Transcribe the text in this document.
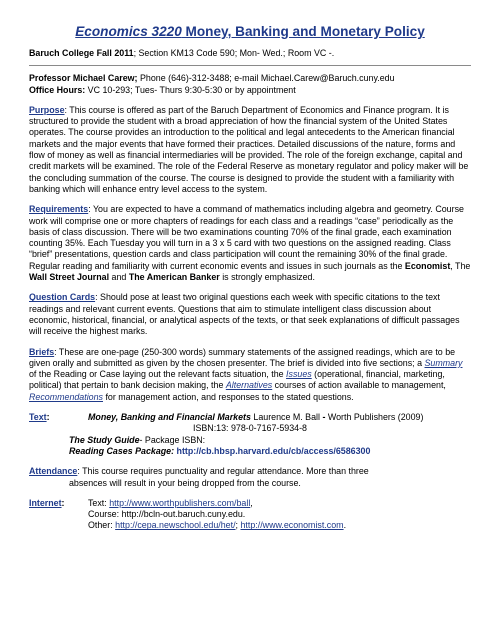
Economics 3220 Money, Banking and Monetary Policy

Baruch College Fall 2011; Section KM13 Code 590; Mon- Wed.; Room VC -.

Professor Michael Carew; Phone (646)-312-3488; e-mail Michael.Carew@Baruch.cuny.edu

Office Hours: VC 10-293; Tues- Thurs 9:30-5:30 or by appointment

Purpose: This course is offered as part of the Baruch Department of Economics and Finance program. It is structured to provide the student with a broad appreciation of how the financial system of the United States operates. The course provides an introduction to the political and legal antecedents to the American financial markets and the major events that have formed their practices. Detailed discussions of the nature, forms and flow of money as well as financial intermediaries will be provided. The role of the foreign exchange, capital and credit markets will be examined. The role of the Federal Reserve as monetary regulator and policy maker will be the concluding summation of the course. The course is designed to provide the student with a familiarity with banking which will enhance entry level access to the system.

Requirements: You are expected to have a command of mathematics including algebra and geometry. Course work will comprise one or more chapters of readings for each class and a readings “case” periodically as the basis of class discussion. There will be two examinations counting 70% of the final grade, each examination counting 35%. Each Tuesday you will turn in a 3 x 5 card with two questions on the assigned reading. Class “brief” presentations, question cards and class participation will count the remaining 30% of the final grade. Regular reading and familiarity with current economic events and issues in such journals as the Economist, The Wall Street Journal and The American Banker is strongly emphasized.

Question Cards: Should pose at least two original questions each week with specific citations to the text readings and relevant current events. Questions that aim to stimulate intelligent class discussion about economic, historical, financial, or analytical aspects of the texts, or that seek explanations of difficult passages will receive the highest marks.

Briefs: These are one-page (250-300 words) summary statements of the assigned readings, which are to be given orally and submitted as given by the chosen presenter. The brief is divided into five sections; a Summary of the Reading or Case laying out the relevant facts situation, the Issues (operational, financial, marketing, political) that pertain to bank decision making, the Alternatives courses of action available to management, Recommendations for management action, and responses to the stated questions.

Text:	Money, Banking and Financial Markets Laurence M. Ball - Worth Publishers (2009)
ISBN:13: 978-0-7167-5934-8
The Study Guide- Package ISBN:
Reading Cases Package: http://cb.hbsp.harvard.edu/cb/access/6586300
Attendance: This course requires punctuality and regular attendance. More than three
absences will result in your being dropped from the course.
Internet:	Text: http://www.worthpublishers.com/ball,
Course: http://bcln-out.baruch.cuny.edu.
Other: http://cepa.newschool.edu/het/; http://www.economist.com.
